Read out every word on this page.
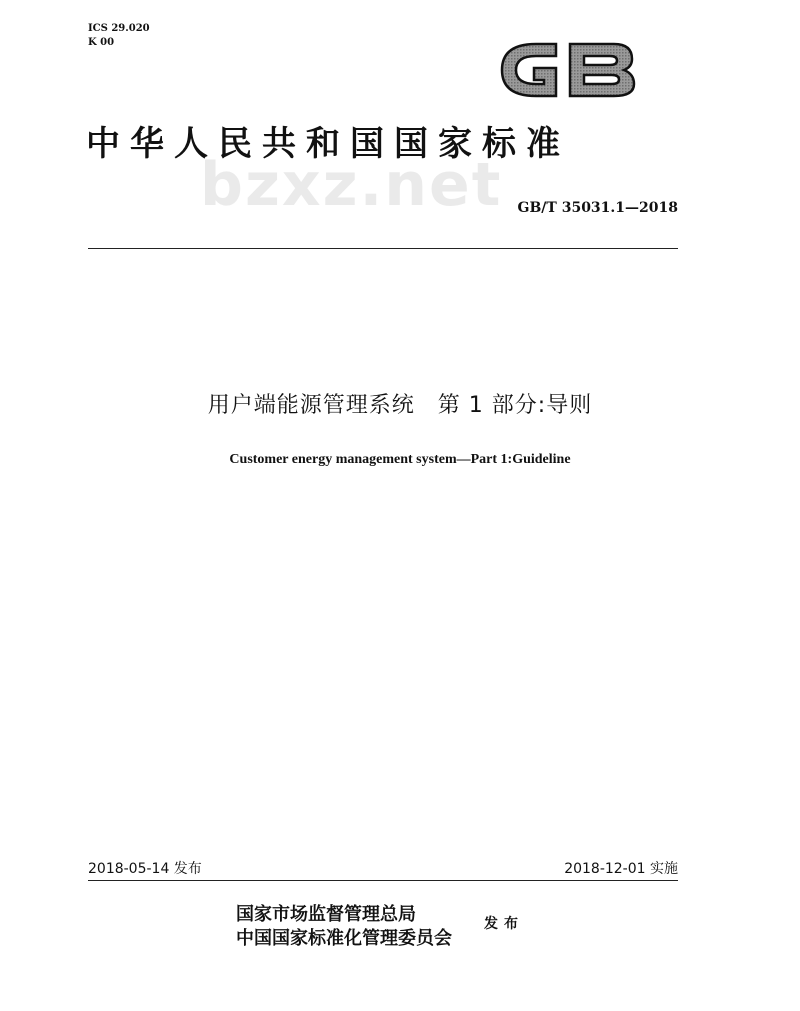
ICS 29.020
K 00
中华人民共和国国家标准
bzxz.net GB/T 35031.1—2018
用户端能源管理系统　第 1 部分:导则
Customer energy management system—Part 1:Guideline
2018-05-14 发布	2018-12-01 实施
国家市场监督管理总局
中国国家标准化管理委员会
发布
